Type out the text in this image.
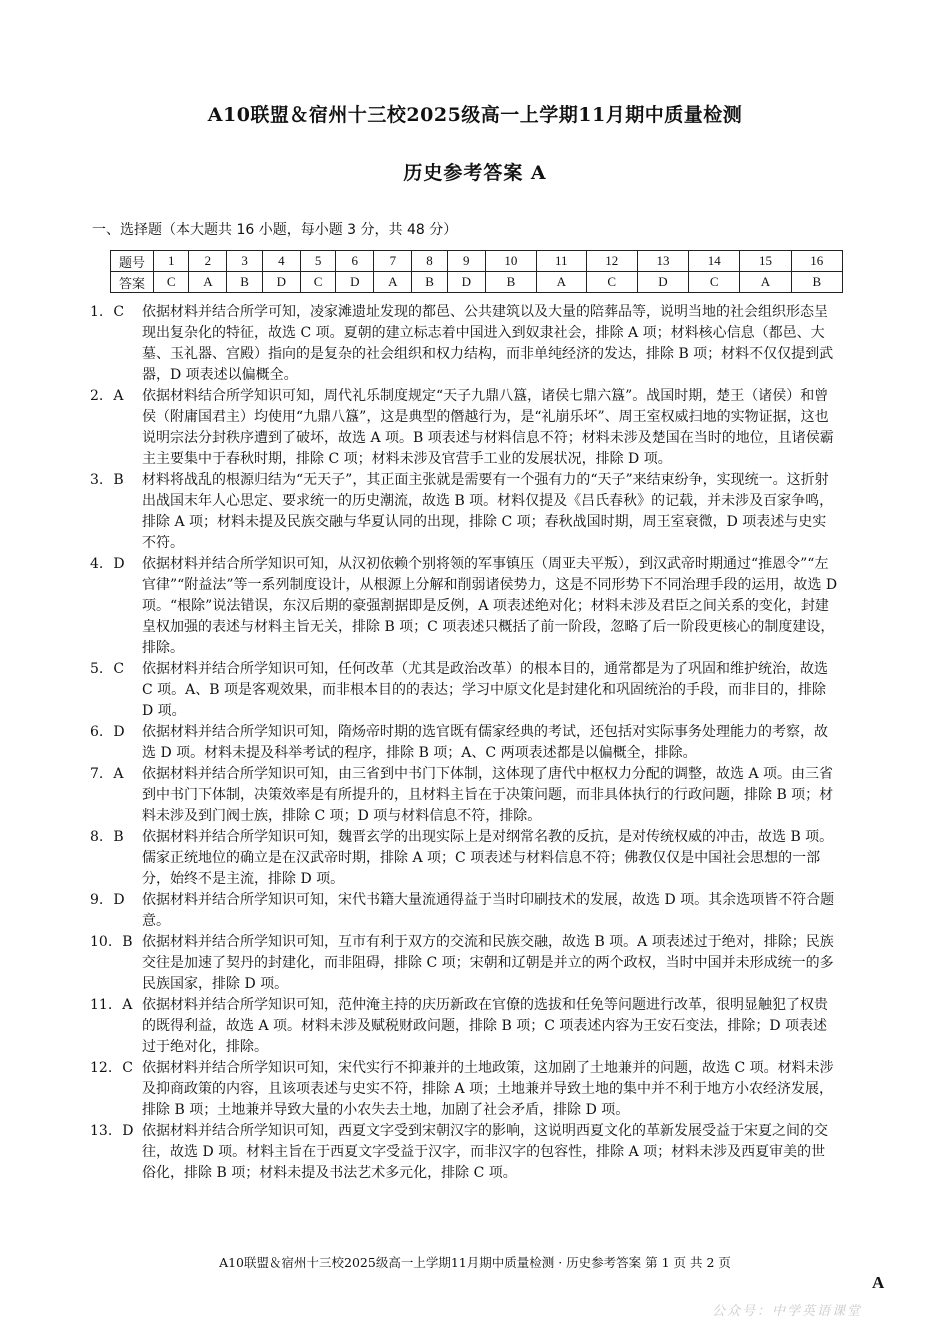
A10联盟＆宿州十三校2025级高一上学期11月期中质量检测
历史参考答案 A
一、选择题（本大题共 16 小题，每小题 3 分，共 48 分）
题号	1	2	3	4	5	6	7	8	9	10	11	12	13	14	15	16
答案	C	A	B	D	C	D	A	B	D	B	A	C	D	C	A	B
1. C 依据材料并结合所学可知，凌家滩遗址发现的都邑、公共建筑以及大量的陪葬品等，说明当地的社会组织形态呈现出复杂化的特征，故选 C 项。夏朝的建立标志着中国进入到奴隶社会，排除 A 项；材料核心信息（都邑、大墓、玉礼器、宫殿）指向的是复杂的社会组织和权力结构，而非单纯经济的发达，排除 B 项；材料不仅仅提到武器，D 项表述以偏概全。
2. A 依据材料结合所学知识可知，周代礼乐制度规定“天子九鼎八簋，诸侯七鼎六簋”。战国时期，楚王（诸侯）和曾侯（附庸国君主）均使用“九鼎八簋”，这是典型的僭越行为，是“礼崩乐坏”、周王室权威扫地的实物证据，这也说明宗法分封秩序遭到了破坏，故选 A 项。B 项表述与材料信息不符；材料未涉及楚国在当时的地位，且诸侯霸主主要集中于春秋时期，排除 C 项；材料未涉及官营手工业的发展状况，排除 D 项。
3. B 材料将战乱的根源归结为“无天子”，其正面主张就是需要有一个强有力的“天子”来结束纷争，实现统一。这折射出战国末年人心思定、要求统一的历史潮流，故选 B 项。材料仅提及《吕氏春秋》的记载，并未涉及百家争鸣，排除 A 项；材料未提及民族交融与华夏认同的出现，排除 C 项；春秋战国时期，周王室衰微，D 项表述与史实不符。
4. D 依据材料并结合所学知识可知，从汉初依赖个别将领的军事镇压（周亚夫平叛），到汉武帝时期通过“推恩令”“左官律”“附益法”等一系列制度设计，从根源上分解和削弱诸侯势力，这是不同形势下不同治理手段的运用，故选 D 项。“根除”说法错误，东汉后期的豪强割据即是反例，A 项表述绝对化；材料未涉及君臣之间关系的变化，封建皇权加强的表述与材料主旨无关，排除 B 项；C 项表述只概括了前一阶段，忽略了后一阶段更核心的制度建设，排除。
5. C 依据材料并结合所学知识可知，任何改革（尤其是政治改革）的根本目的，通常都是为了巩固和维护统治，故选 C 项。A、B 项是客观效果，而非根本目的的表达；学习中原文化是封建化和巩固统治的手段，而非目的，排除 D 项。
6. D 依据材料并结合所学知识可知，隋炀帝时期的选官既有儒家经典的考试，还包括对实际事务处理能力的考察，故选 D 项。材料未提及科举考试的程序，排除 B 项；A、C 两项表述都是以偏概全，排除。
7. A 依据材料并结合所学知识可知，由三省到中书门下体制，这体现了唐代中枢权力分配的调整，故选 A 项。由三省到中书门下体制，决策效率是有所提升的，且材料主旨在于决策问题，而非具体执行的行政问题，排除 B 项；材料未涉及到门阀士族，排除 C 项；D 项与材料信息不符，排除。
8. B 依据材料并结合所学知识可知，魏晋玄学的出现实际上是对纲常名教的反抗，是对传统权威的冲击，故选 B 项。儒家正统地位的确立是在汉武帝时期，排除 A 项；C 项表述与材料信息不符；佛教仅仅是中国社会思想的一部分，始终不是主流，排除 D 项。
9. D 依据材料并结合所学知识可知，宋代书籍大量流通得益于当时印刷技术的发展，故选 D 项。其余选项皆不符合题意。
10. B 依据材料并结合所学知识可知，互市有利于双方的交流和民族交融，故选 B 项。A 项表述过于绝对，排除；民族交往是加速了契丹的封建化，而非阻碍，排除 C 项；宋朝和辽朝是并立的两个政权，当时中国并未形成统一的多民族国家，排除 D 项。
11. A 依据材料并结合所学知识可知，范仲淹主持的庆历新政在官僚的选拔和任免等问题进行改革，很明显触犯了权贵的既得利益，故选 A 项。材料未涉及赋税财政问题，排除 B 项；C 项表述内容为王安石变法，排除；D 项表述过于绝对化，排除。
12. C 依据材料并结合所学知识可知，宋代实行不抑兼并的土地政策，这加剧了土地兼并的问题，故选 C 项。材料未涉及抑商政策的内容，且该项表述与史实不符，排除 A 项；土地兼并导致土地的集中并不利于地方小农经济发展，排除 B 项；土地兼并导致大量的小农失去土地，加剧了社会矛盾，排除 D 项。
13. D 依据材料并结合所学知识可知，西夏文字受到宋朝汉字的影响，这说明西夏文化的革新发展受益于宋夏之间的交往，故选 D 项。材料主旨在于西夏文字受益于汉字，而非汉字的包容性，排除 A 项；材料未涉及西夏审美的世俗化，排除 B 项；材料未提及书法艺术多元化，排除 C 项。
A10联盟＆宿州十三校2025级高一上学期11月期中质量检测 · 历史参考答案 第 1 页 共 2 页
A
公众号：中学英语课堂
